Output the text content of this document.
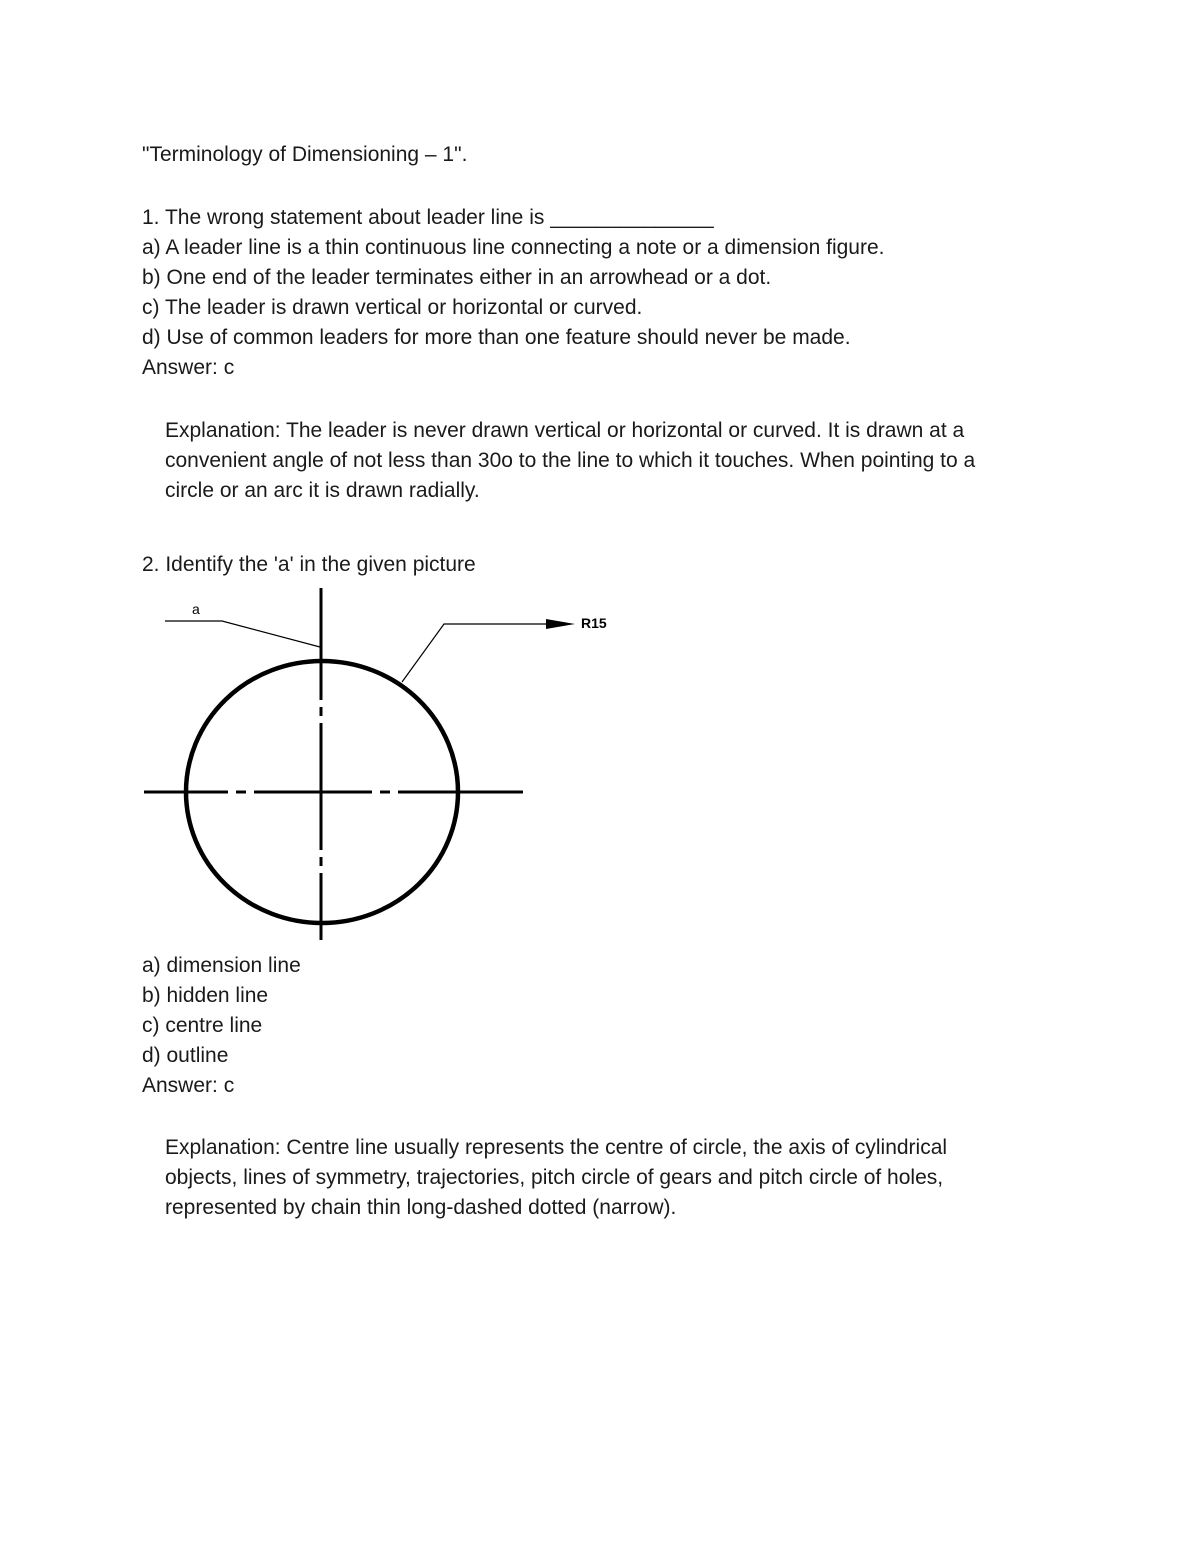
"Terminology of Dimensioning – 1".
1. The wrong statement about leader line is ______________
a) A leader line is a thin continuous line connecting a note or a dimension figure.
b) One end of the leader terminates either in an arrowhead or a dot.
c) The leader is drawn vertical or horizontal or curved.
d) Use of common leaders for more than one feature should never be made.
Answer: c
Explanation: The leader is never drawn vertical or horizontal or curved. It is drawn at a
convenient angle of not less than 30o to the line to which it touches. When pointing to a
circle or an arc it is drawn radially.
2. Identify the 'a' in the given picture
a
R15
a) dimension line
b) hidden line
c) centre line
d) outline
Answer: c
Explanation: Centre line usually represents the centre of circle, the axis of cylindrical
objects, lines of symmetry, trajectories, pitch circle of gears and pitch circle of holes,
represented by chain thin long-dashed dotted (narrow).
